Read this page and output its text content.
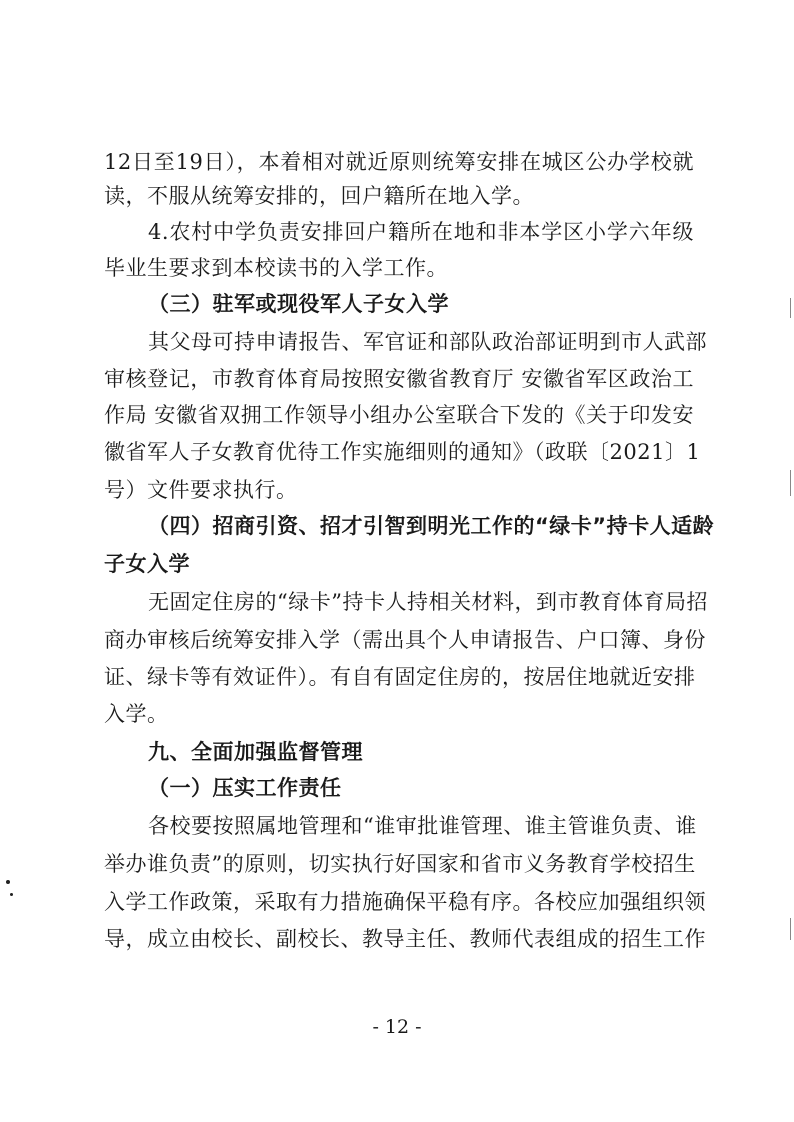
12日至19日），本着相对就近原则统筹安排在城区公办学校就
读，不服从统筹安排的，回户籍所在地入学。
4.农村中学负责安排回户籍所在地和非本学区小学六年级
毕业生要求到本校读书的入学工作。
（三）驻军或现役军人子女入学
其父母可持申请报告、军官证和部队政治部证明到市人武部
审核登记，市教育体育局按照安徽省教育厅 安徽省军区政治工
作局 安徽省双拥工作领导小组办公室联合下发的《关于印发安
徽省军人子女教育优待工作实施细则的通知》（政联〔2021〕1
号）文件要求执行。
（四）招商引资、招才引智到明光工作的“绿卡”持卡人适龄
子女入学
无固定住房的“绿卡”持卡人持相关材料，到市教育体育局招
商办审核后统筹安排入学（需出具个人申请报告、户口簿、身份
证、绿卡等有效证件）。有自有固定住房的，按居住地就近安排
入学。
九、全面加强监督管理
（一）压实工作责任
各校要按照属地管理和“谁审批谁管理、谁主管谁负责、谁
举办谁负责”的原则，切实执行好国家和省市义务教育学校招生
入学工作政策，采取有力措施确保平稳有序。各校应加强组织领
导，成立由校长、副校长、教导主任、教师代表组成的招生工作
- 12 -
